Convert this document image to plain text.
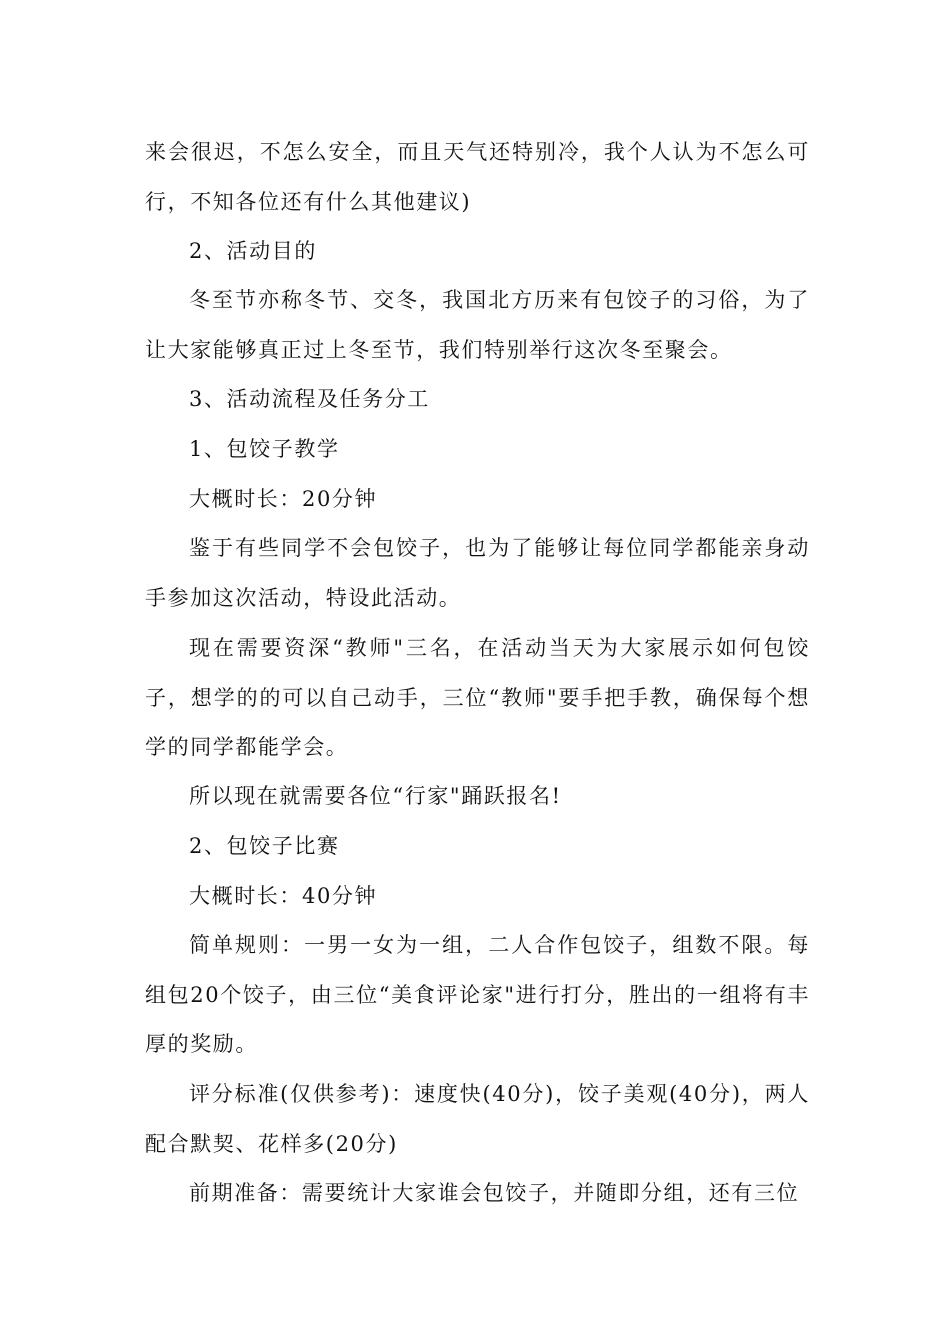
来会很迟，不怎么安全，而且天气还特别冷，我个人认为不怎么可行，不知各位还有什么其他建议)

2、活动目的

冬至节亦称冬节、交冬，我国北方历来有包饺子的习俗，为了让大家能够真正过上冬至节，我们特别举行这次冬至聚会。

3、活动流程及任务分工

1、包饺子教学

大概时长：20分钟

鉴于有些同学不会包饺子，也为了能够让每位同学都能亲身动手参加这次活动，特设此活动。

现在需要资深“教师"三名，在活动当天为大家展示如何包饺子，想学的的可以自己动手，三位“教师"要手把手教，确保每个想学的同学都能学会。

所以现在就需要各位“行家"踊跃报名!

2、包饺子比赛

大概时长：40分钟

简单规则：一男一女为一组，二人合作包饺子，组数不限。每组包20个饺子，由三位“美食评论家"进行打分，胜出的一组将有丰厚的奖励。

评分标准(仅供参考)：速度快(40分)，饺子美观(40分)，两人配合默契、花样多(20分)

前期准备：需要统计大家谁会包饺子，并随即分组，还有三位
